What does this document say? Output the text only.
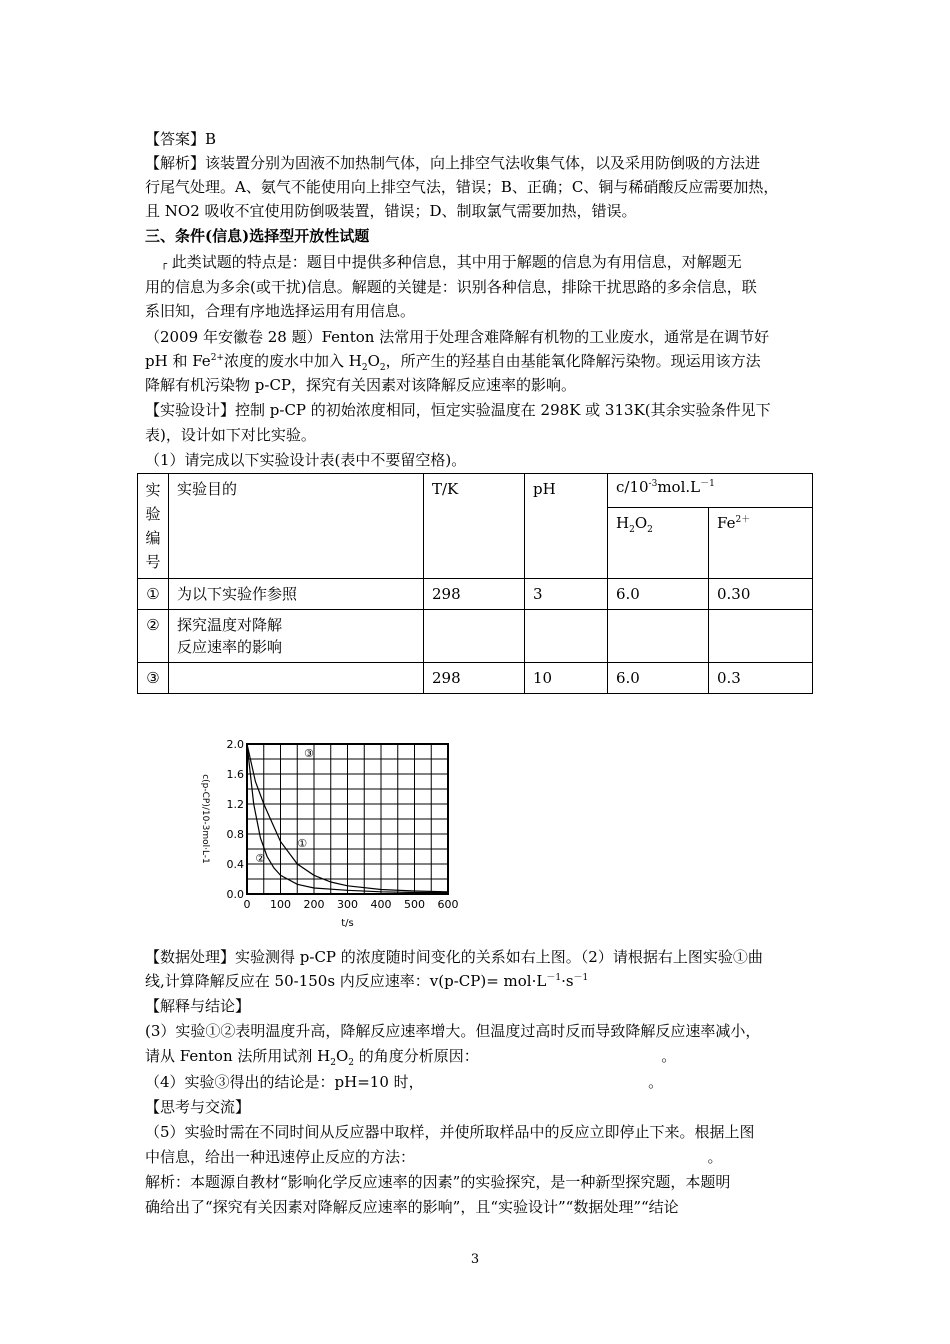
【答案】B
【解析】该装置分别为固液不加热制气体，向上排空气法收集气体，以及采用防倒吸的方法进
行尾气处理。A、氨气不能使用向上排空气法，错误；B、正确；C、铜与稀硝酸反应需要加热，
且 NO2 吸收不宜使用防倒吸装置，错误；D、制取氯气需要加热，错误。
三、条件(信息)选择型开放性试题
┌ 此类试题的特点是：题目中提供多种信息，其中用于解题的信息为有用信息，对解题无
用的信息为多余(或干扰)信息。解题的关键是：识别各种信息，排除干扰思路的多余信息，联
系旧知，合理有序地选择运用有用信息。
（2009 年安徽卷 28 题）Fenton 法常用于处理含难降解有机物的工业废水，通常是在调节好
pH 和 $Fe^{2+}$浓度的废水中加入 $H_2O_2$，所产生的羟基自由基能氧化降解污染物。现运用该方法
降解有机污染物 p-CP，探究有关因素对该降解反应速率的影响。
【实验设计】控制 p-CP 的初始浓度相同，恒定实验温度在 298K 或 313K(其余实验条件见下
表)，设计如下对比实验。
（1）请完成以下实验设计表(表中不要留空格)。
实
验
编
号	实验目的	T/K	pH	$c/10^{-3}mol.L^{-1}$
				$H_2O_2$	$Fe^{2+}$
①	为以下实验作参照	298	3	6.0	0.30
②	探究温度对降解
反应速率的影响				

③		298	10	6.0	0.3
0 100 200 300 400 500 600
0.0
0.4
0.8
1.2
1.6
2.0
t/s
c(p-CP)/10-3mol·L-1
③
①
②
【数据处理】实验测得 p-CP 的浓度随时间变化的关系如右上图。（2）请根据右上图实验①曲
线,计算降解反应在 50-150s 内反应速率：$v(p-CP)= mol\cdot L^{-1}\cdot s^{-1}$
【解释与结论】
(3）实验①②表明温度升高，降解反应速率增大。但温度过高时反而导致降解反应速率减小，
请从 Fenton 法所用试剂 $H_2O_2$ 的角度分析原因：	。
（4）实验③得出的结论是：pH=10 时，	。
【思考与交流】
（5）实验时需在不同时间从反应器中取样，并使所取样品中的反应立即停止下来。根据上图
中信息，给出一种迅速停止反应的方法：	。
解析：本题源自教材“影响化学反应速率的因素”的实验探究，是一种新型探究题，本题明
确给出了“探究有关因素对降解反应速率的影响”，且“实验设计”“数据处理”“结论
3
